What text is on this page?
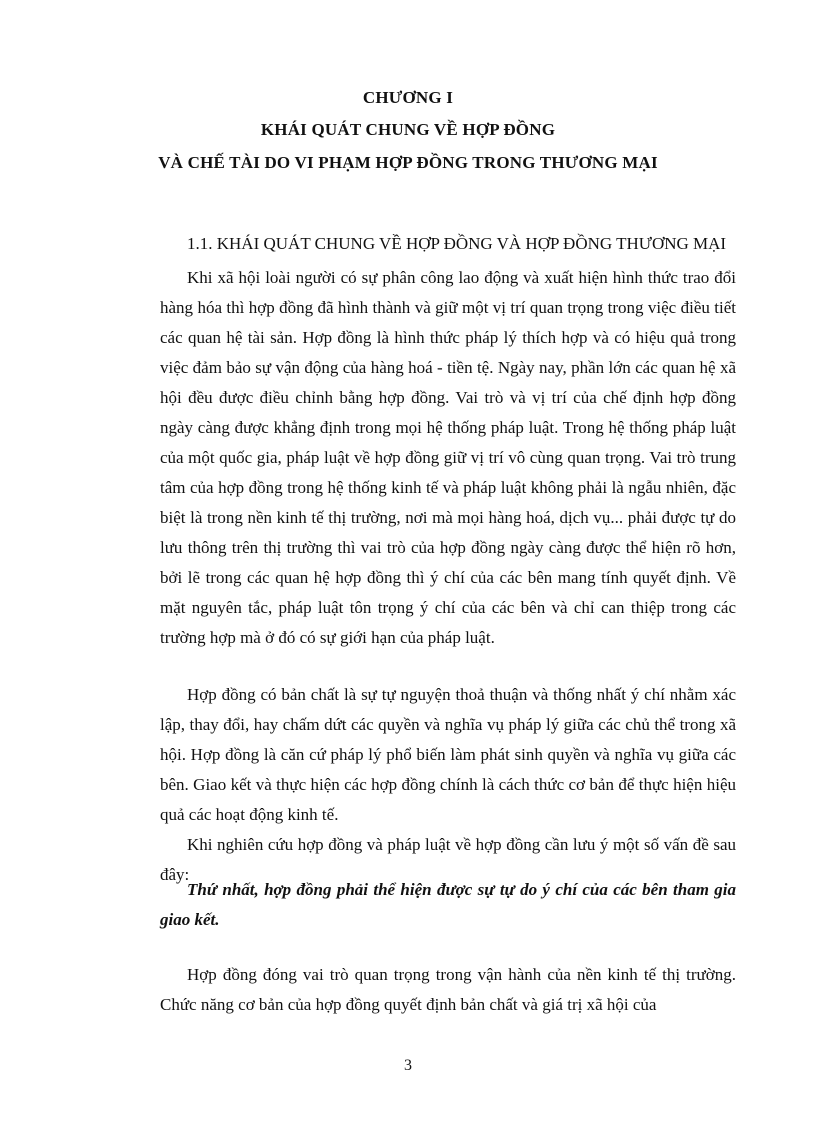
CHƯƠNG I
KHÁI QUÁT CHUNG VỀ HỢP ĐỒNG
VÀ CHẾ TÀI DO VI PHẠM HỢP ĐỒNG TRONG THƯƠNG MẠI
1.1. KHÁI QUÁT CHUNG VỀ HỢP ĐỒNG VÀ HỢP ĐỒNG THƯƠNG MẠI

Khi xã hội loài người có sự phân công lao động và xuất hiện hình thức trao đổi hàng hóa thì hợp đồng đã hình thành và giữ một vị trí quan trọng trong việc điều tiết các quan hệ tài sản. Hợp đồng là hình thức pháp lý thích hợp và có hiệu quả trong việc đảm bảo sự vận động của hàng hoá - tiền tệ. Ngày nay, phần lớn các quan hệ xã hội đều được điều chỉnh bằng hợp đồng. Vai trò và vị trí của chế định hợp đồng ngày càng được khẳng định trong mọi hệ thống pháp luật. Trong hệ thống pháp luật của một quốc gia, pháp luật về hợp đồng giữ vị trí vô cùng quan trọng. Vai trò trung tâm của hợp đồng trong hệ thống kinh tế và pháp luật không phải là ngẫu nhiên, đặc biệt là trong nền kinh tế thị trường, nơi mà mọi hàng hoá, dịch vụ... phải được tự do lưu thông trên thị trường thì vai trò của hợp đồng ngày càng được thể hiện rõ hơn, bởi lẽ trong các quan hệ hợp đồng thì ý chí của các bên mang tính quyết định. Về mặt nguyên tắc, pháp luật tôn trọng ý chí của các bên và chỉ can thiệp trong các trường hợp mà ở đó có sự giới hạn của pháp luật.

Hợp đồng có bản chất là sự tự nguyện thoả thuận và thống nhất ý chí nhằm xác lập, thay đổi, hay chấm dứt các quyền và nghĩa vụ pháp lý giữa các chủ thể trong xã hội. Hợp đồng là căn cứ pháp lý phổ biến làm phát sinh quyền và nghĩa vụ giữa các bên. Giao kết và thực hiện các hợp đồng chính là cách thức cơ bản để thực hiện hiệu quả các hoạt động kinh tế.

Khi nghiên cứu hợp đồng và pháp luật về hợp đồng cần lưu ý một số vấn đề sau đây:

Thứ nhất, hợp đồng phải thể hiện được sự tự do ý chí của các bên tham gia giao kết.

Hợp đồng đóng vai trò quan trọng trong vận hành của nền kinh tế thị trường. Chức năng cơ bản của hợp đồng quyết định bản chất và giá trị xã hội của

3
